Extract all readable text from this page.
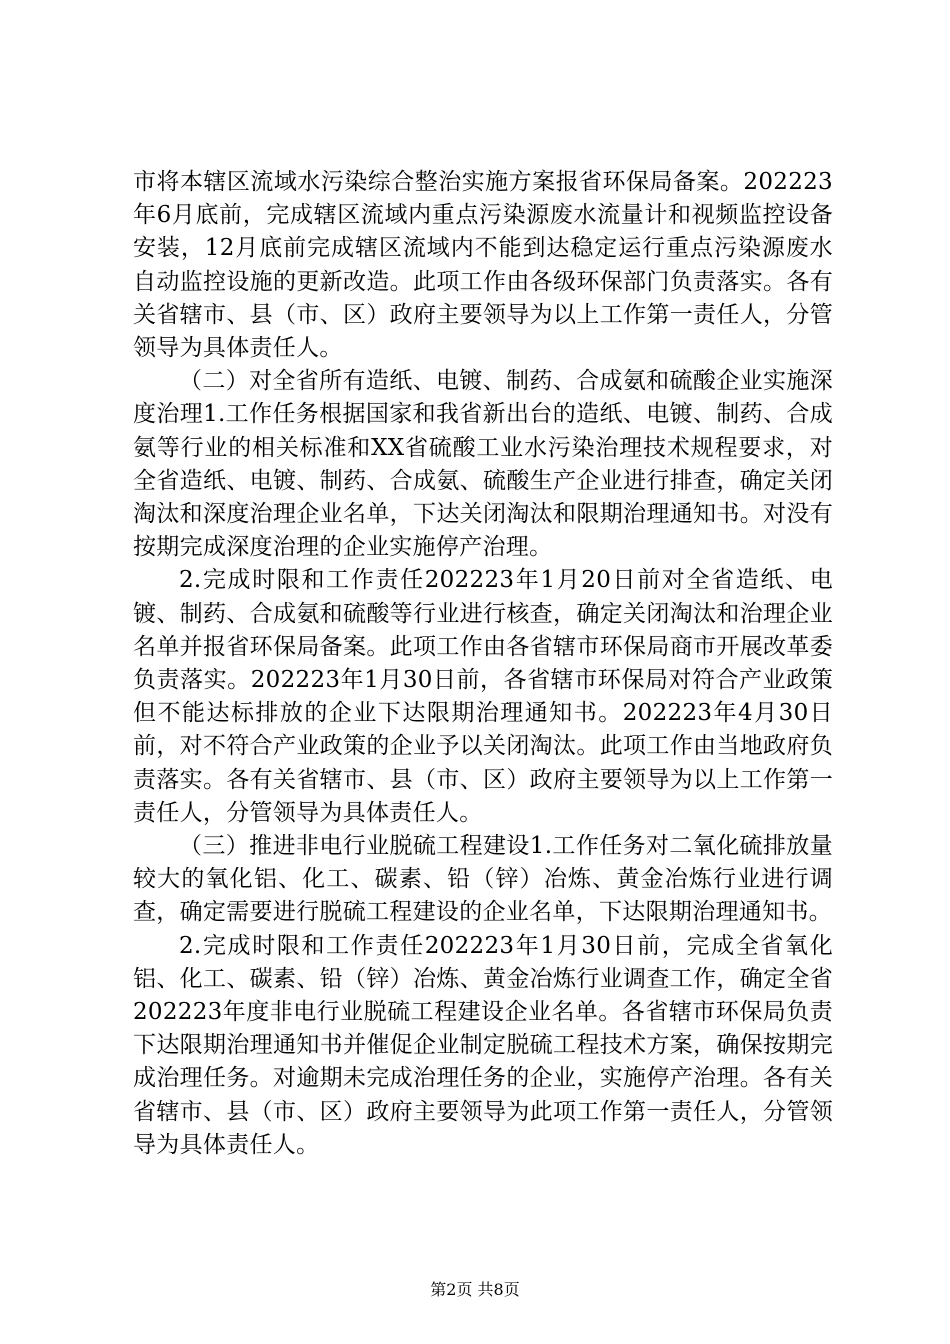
市将本辖区流域水污染综合整治实施方案报省环保局备案。202223年6月底前，完成辖区流域内重点污染源废水流量计和视频监控设备安装，12月底前完成辖区流域内不能到达稳定运行重点污染源废水自动监控设施的更新改造。此项工作由各级环保部门负责落实。各有关省辖市、县（市、区）政府主要领导为以上工作第一责任人，分管领导为具体责任人。

（二）对全省所有造纸、电镀、制药、合成氨和硫酸企业实施深度治理1.工作任务根据国家和我省新出台的造纸、电镀、制药、合成氨等行业的相关标准和XX省硫酸工业水污染治理技术规程要求，对全省造纸、电镀、制药、合成氨、硫酸生产企业进行排查，确定关闭淘汰和深度治理企业名单，下达关闭淘汰和限期治理通知书。对没有按期完成深度治理的企业实施停产治理。

2.完成时限和工作责任202223年1月20日前对全省造纸、电镀、制药、合成氨和硫酸等行业进行核查，确定关闭淘汰和治理企业名单并报省环保局备案。此项工作由各省辖市环保局商市开展改革委负责落实。202223年1月30日前，各省辖市环保局对符合产业政策但不能达标排放的企业下达限期治理通知书。202223年4月30日前，对不符合产业政策的企业予以关闭淘汰。此项工作由当地政府负责落实。各有关省辖市、县（市、区）政府主要领导为以上工作第一责任人，分管领导为具体责任人。

（三）推进非电行业脱硫工程建设1.工作任务对二氧化硫排放量较大的氧化铝、化工、碳素、铅（锌）冶炼、黄金冶炼行业进行调查，确定需要进行脱硫工程建设的企业名单，下达限期治理通知书。

2.完成时限和工作责任202223年1月30日前，完成全省氧化铝、化工、碳素、铅（锌）冶炼、黄金冶炼行业调查工作，确定全省202223年度非电行业脱硫工程建设企业名单。各省辖市环保局负责下达限期治理通知书并催促企业制定脱硫工程技术方案，确保按期完成治理任务。对逾期未完成治理任务的企业，实施停产治理。各有关省辖市、县（市、区）政府主要领导为此项工作第一责任人，分管领导为具体责任人。

第2页 共8页
